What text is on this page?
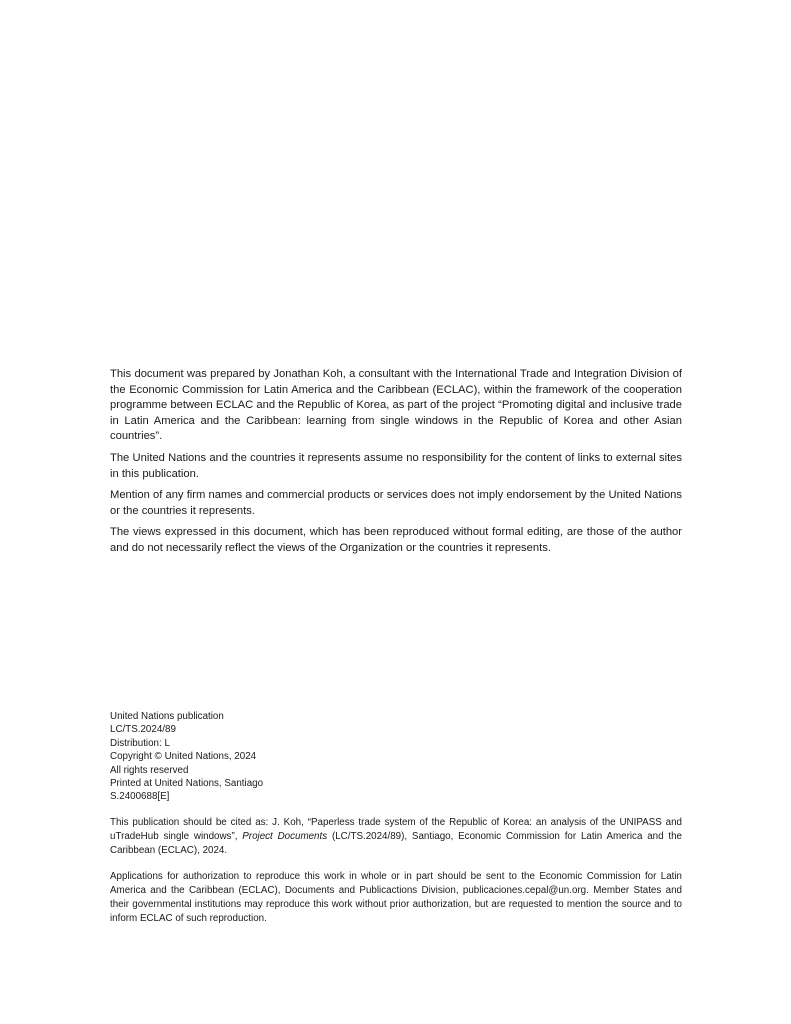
This document was prepared by Jonathan Koh, a consultant with the International Trade and Integration Division of the Economic Commission for Latin America and the Caribbean (ECLAC), within the framework of the cooperation programme between ECLAC and the Republic of Korea, as part of the project “Promoting digital and inclusive trade in Latin America and the Caribbean: learning from single windows in the Republic of Korea and other Asian countries”.

The United Nations and the countries it represents assume no responsibility for the content of links to external sites in this publication.

Mention of any firm names and commercial products or services does not imply endorsement by the United Nations or the countries it represents.

The views expressed in this document, which has been reproduced without formal editing, are those of the author and do not necessarily reflect the views of the Organization or the countries it represents.

United Nations publication
LC/TS.2024/89
Distribution: L
Copyright © United Nations, 2024
All rights reserved
Printed at United Nations, Santiago
S.2400688[E]
This publication should be cited as: J. Koh, “Paperless trade system of the Republic of Korea: an analysis of the UNIPASS and uTradeHub single windows”, Project Documents (LC/TS.2024/89), Santiago, Economic Commission for Latin America and the Caribbean (ECLAC), 2024.
Applications for authorization to reproduce this work in whole or in part should be sent to the Economic Commission for Latin America and the Caribbean (ECLAC), Documents and Publicactions Division, publicaciones.cepal@un.org. Member States and their governmental institutions may reproduce this work without prior authorization, but are requested to mention the source and to inform ECLAC of such reproduction.
